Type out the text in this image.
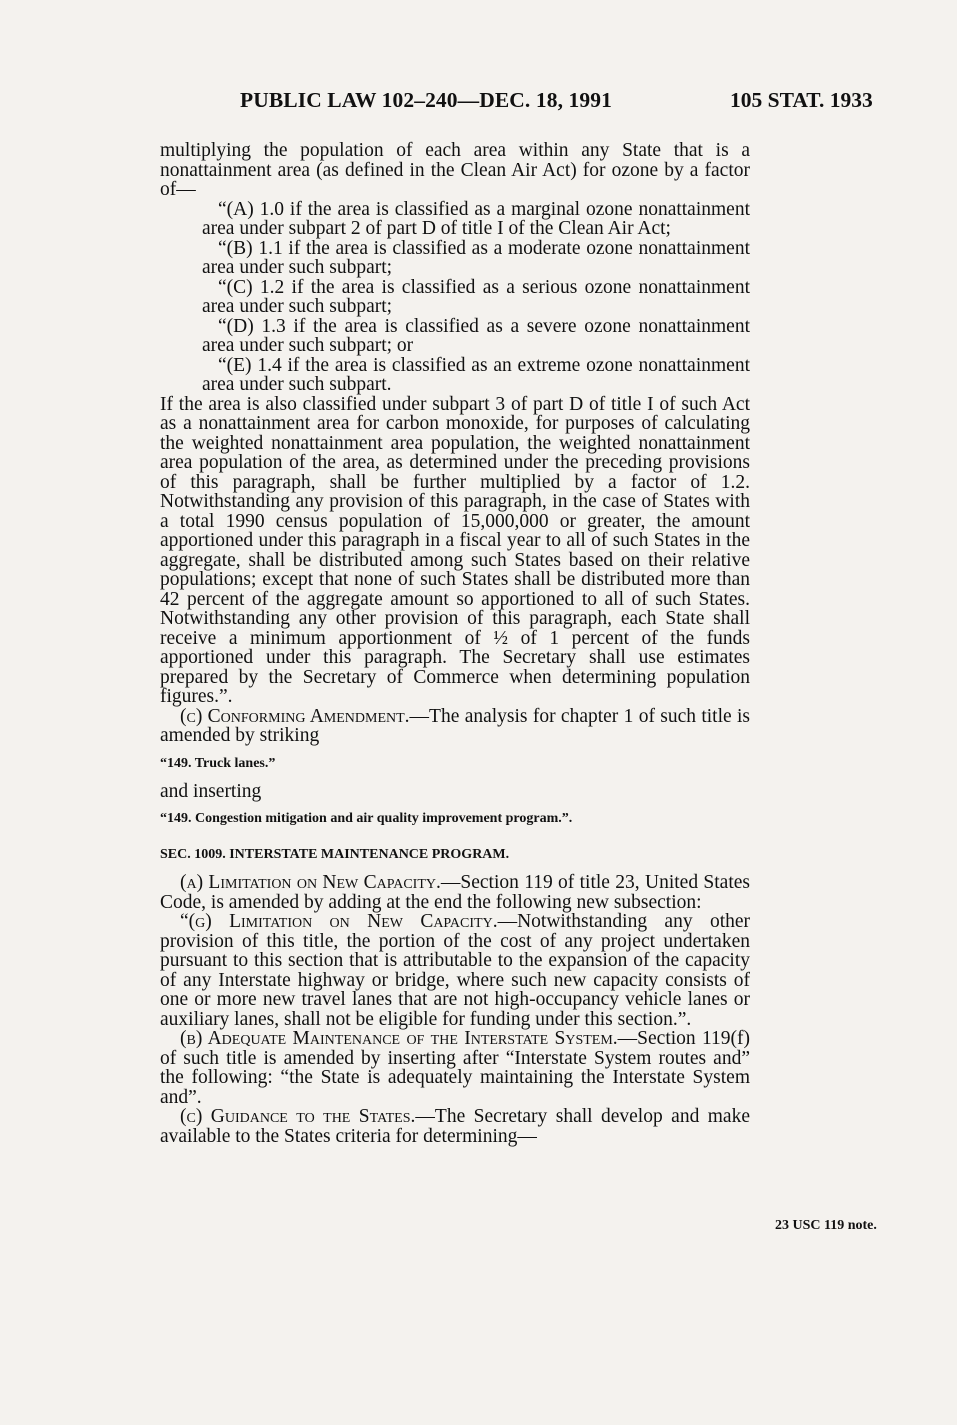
PUBLIC LAW 102–240—DEC. 18, 1991	105 STAT. 1933

multiplying the population of each area within any State that is a nonattainment area (as defined in the Clean Air Act) for ozone by a factor of—

“(A) 1.0 if the area is classified as a marginal ozone nonattainment area under subpart 2 of part D of title I of the Clean Air Act;

“(B) 1.1 if the area is classified as a moderate ozone nonattainment area under such subpart;

“(C) 1.2 if the area is classified as a serious ozone nonattainment area under such subpart;

“(D) 1.3 if the area is classified as a severe ozone nonattainment area under such subpart; or

“(E) 1.4 if the area is classified as an extreme ozone nonattainment area under such subpart.

If the area is also classified under subpart 3 of part D of title I of such Act as a nonattainment area for carbon monoxide, for purposes of calculating the weighted nonattainment area population, the weighted nonattainment area population of the area, as determined under the preceding provisions of this paragraph, shall be further multiplied by a factor of 1.2. Notwithstanding any provision of this paragraph, in the case of States with a total 1990 census population of 15,000,000 or greater, the amount apportioned under this paragraph in a fiscal year to all of such States in the aggregate, shall be distributed among such States based on their relative populations; except that none of such States shall be distributed more than 42 percent of the aggregate amount so apportioned to all of such States. Notwithstanding any other provision of this paragraph, each State shall receive a minimum apportionment of ½ of 1 percent of the funds apportioned under this paragraph. The Secretary shall use estimates prepared by the Secretary of Commerce when determining population figures.”.

(c) Conforming Amendment.—The analysis for chapter 1 of such title is amended by striking

“149. Truck lanes.”

and inserting

“149. Congestion mitigation and air quality improvement program.”.
SEC. 1009. INTERSTATE MAINTENANCE PROGRAM.

(a) Limitation on New Capacity.—Section 119 of title 23, United States Code, is amended by adding at the end the following new subsection:

“(g) Limitation on New Capacity.—Notwithstanding any other provision of this title, the portion of the cost of any project undertaken pursuant to this section that is attributable to the expansion of the capacity of any Interstate highway or bridge, where such new capacity consists of one or more new travel lanes that are not high-occupancy vehicle lanes or auxiliary lanes, shall not be eligible for funding under this section.”.

(b) Adequate Maintenance of the Interstate System.—Section 119(f) of such title is amended by inserting after “Interstate System routes and” the following: “the State is adequately maintaining the Interstate System and”.

(c) Guidance to the States.—The Secretary shall develop and make available to the States criteria for determining—

23 USC 119 note.
